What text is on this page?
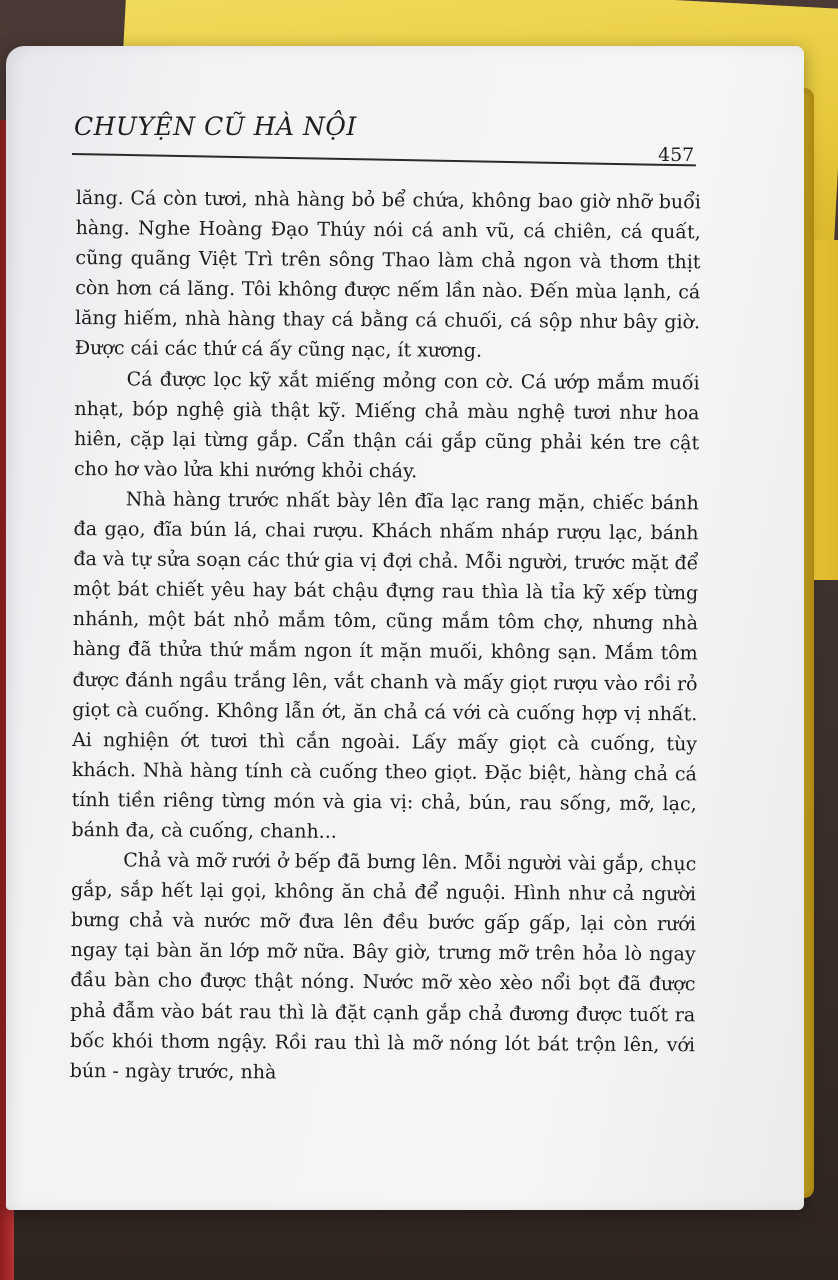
CHUYỆN CŨ HÀ NỘI
457

lăng. Cá còn tươi, nhà hàng bỏ bể chứa, không bao giờ nhỡ buổi hàng. Nghe Hoàng Đạo Thúy nói cá anh vũ, cá chiên, cá quất, cũng quãng Việt Trì trên sông Thao làm chả ngon và thơm thịt còn hơn cá lăng. Tôi không được nếm lần nào. Đến mùa lạnh, cá lăng hiếm, nhà hàng thay cá bằng cá chuối, cá sộp như bây giờ. Được cái các thứ cá ấy cũng nạc, ít xương.

Cá được lọc kỹ xắt miếng mỏng con cờ. Cá ướp mắm muối nhạt, bóp nghệ già thật kỹ. Miếng chả màu nghệ tươi như hoa hiên, cặp lại từng gắp. Cẩn thận cái gắp cũng phải kén tre cật cho hơ vào lửa khi nướng khỏi cháy.

Nhà hàng trước nhất bày lên đĩa lạc rang mặn, chiếc bánh đa gạo, đĩa bún lá, chai rượu. Khách nhấm nháp rượu lạc, bánh đa và tự sửa soạn các thứ gia vị đợi chả. Mỗi người, trước mặt để một bát chiết yêu hay bát chậu đựng rau thìa là tỉa kỹ xếp từng nhánh, một bát nhỏ mắm tôm, cũng mắm tôm chợ, nhưng nhà hàng đã thửa thứ mắm ngon ít mặn muối, không sạn. Mắm tôm được đánh ngầu trắng lên, vắt chanh và mấy giọt rượu vào rồi rỏ giọt cà cuống. Không lẫn ớt, ăn chả cá với cà cuống hợp vị nhất. Ai nghiện ớt tươi thì cắn ngoài. Lấy mấy giọt cà cuống, tùy khách. Nhà hàng tính cà cuống theo giọt. Đặc biệt, hàng chả cá tính tiền riêng từng món và gia vị: chả, bún, rau sống, mỡ, lạc, bánh đa, cà cuống, chanh...

Chả và mỡ rưới ở bếp đã bưng lên. Mỗi người vài gắp, chục gắp, sắp hết lại gọi, không ăn chả để nguội. Hình như cả người bưng chả và nước mỡ đưa lên đều bước gấp gấp, lại còn rưới ngay tại bàn ăn lớp mỡ nữa. Bây giờ, trưng mỡ trên hỏa lò ngay đầu bàn cho được thật nóng. Nước mỡ xèo xèo nổi bọt đã được phả đẫm vào bát rau thì là đặt cạnh gắp chả đương được tuốt ra bốc khói thơm ngậy. Rồi rau thì là mỡ nóng lót bát trộn lên, với bún - ngày trước, nhà
